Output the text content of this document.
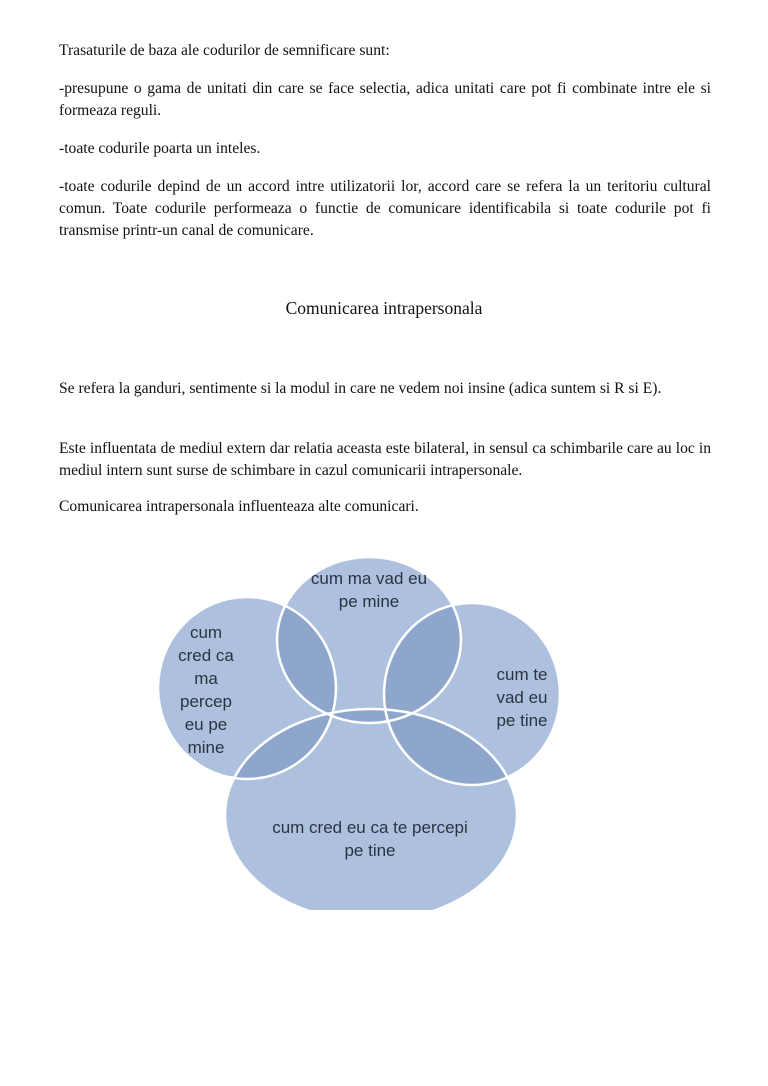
Trasaturile de baza ale codurilor de semnificare sunt:

-presupune o gama de unitati din care se face selectia, adica unitati care pot fi combinate intre ele si formeaza reguli.

-toate codurile poarta un inteles.

-toate codurile depind de un accord intre utilizatorii lor, accord care se refera la un teritoriu cultural comun. Toate codurile performeaza o functie de comunicare identificabila si toate codurile pot fi transmise printr-un canal de comunicare.

Comunicarea intrapersonala

Se refera la ganduri, sentimente si la modul in care ne vedem noi insine (adica suntem si R si E).

Este influentata de mediul extern dar relatia aceasta este bilateral, in sensul ca schimbarile care au loc in mediul intern sunt surse de schimbare in cazul comunicarii intrapersonale.

Comunicarea intrapersonala influenteaza alte comunicari.

cum ma vad eu
pe mine
cum
cred ca
ma
percep
eu pe
mine
cum te
vad eu
pe tine
cum cred eu ca te percepi
pe tine
